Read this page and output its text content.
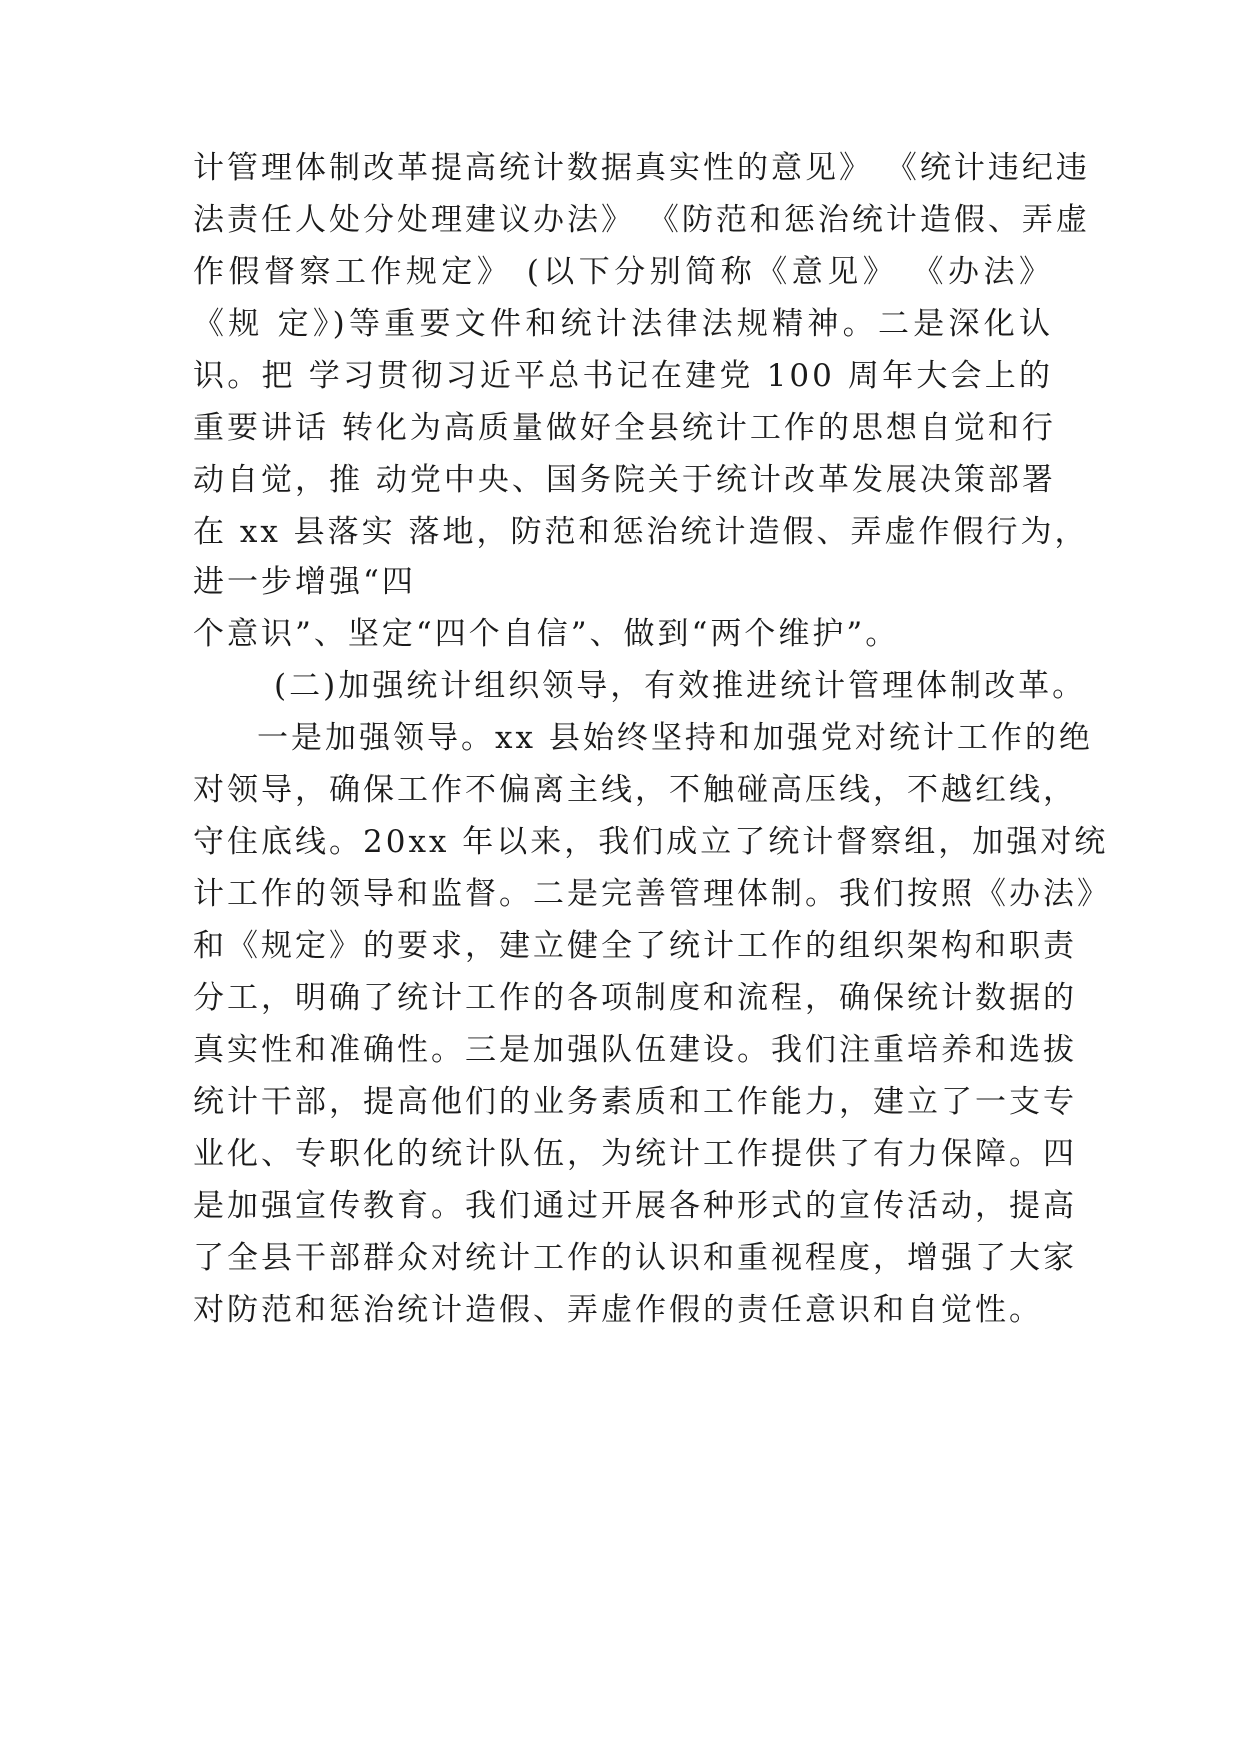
计管理体制改革提高统计数据真实性的意见》 《统计违纪违
法责任人处分处理建议办法》 《防范和惩治统计造假、弄虚
作假督察工作规定》 (以下分别简称《意见》 《办法》
《规 定》)等重要文件和统计法律法规精神。二是深化认
识。把 学习贯彻习近平总书记在建党 100 周年大会上的
重要讲话 转化为高质量做好全县统计工作的思想自觉和行
动自觉，推 动党中央、国务院关于统计改革发展决策部署
在 xx 县落实 落地，防范和惩治统计造假、弄虚作假行为，
进一步增强“四
个意识”、坚定“四个自信”、做到“两个维护”。
(二)加强统计组织领导，有效推进统计管理体制改革。
一是加强领导。xx 县始终坚持和加强党对统计工作的绝
对领导，确保工作不偏离主线，不触碰高压线，不越红线，
守住底线。20xx 年以来，我们成立了统计督察组，加强对统
计工作的领导和监督。二是完善管理体制。我们按照《办法》
和《规定》的要求，建立健全了统计工作的组织架构和职责
分工，明确了统计工作的各项制度和流程，确保统计数据的
真实性和准确性。三是加强队伍建设。我们注重培养和选拔
统计干部，提高他们的业务素质和工作能力，建立了一支专
业化、专职化的统计队伍，为统计工作提供了有力保障。四
是加强宣传教育。我们通过开展各种形式的宣传活动，提高
了全县干部群众对统计工作的认识和重视程度，增强了大家
对防范和惩治统计造假、弄虚作假的责任意识和自觉性。
